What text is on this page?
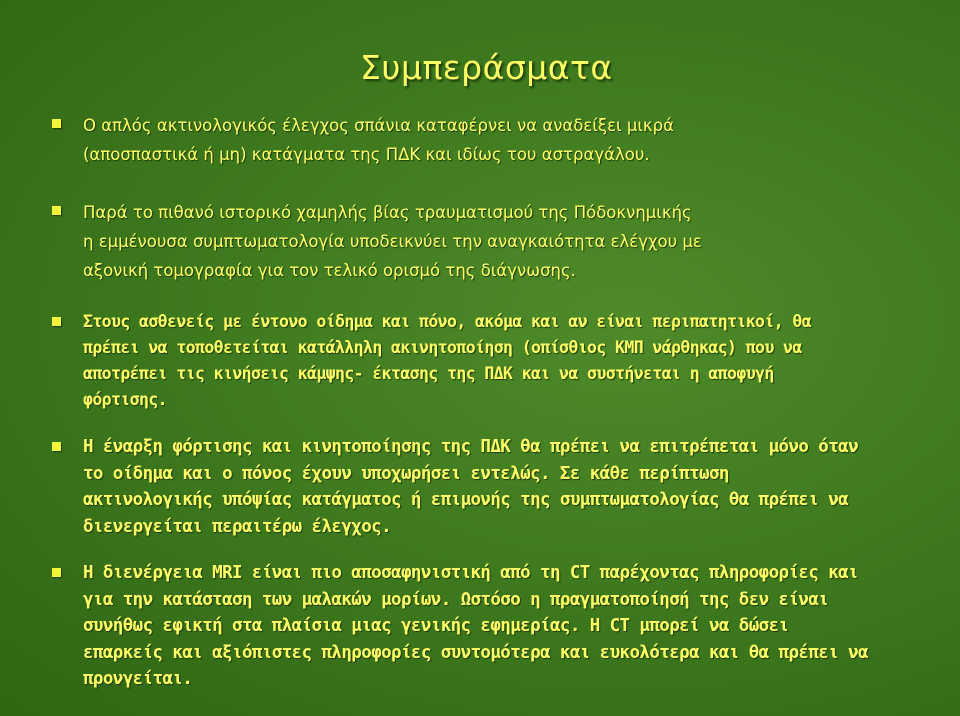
Συμπεράσματα
Ο απλός ακτινολογικός έλεγχος σπάνια καταφέρνει να αναδείξει μικρά
(αποσπαστικά ή μη) κατάγματα της ΠΔΚ και ιδίως του αστραγάλου.
Παρά το πιθανό ιστορικό χαμηλής βίας τραυματισμού της Πόδοκνημικής
η εμμένουσα συμπτωματολογία υποδεικνύει την αναγκαιότητα ελέγχου με
αξονική τομογραφία για τον τελικό ορισμό της διάγνωσης.
Στους ασθενείς με έντονο οίδημα και πόνο, ακόμα και αν είναι περιπατητικοί, θα
πρέπει να τοποθετείται κατάλληλη ακινητοποίηση (οπίσθιος ΚΜΠ νάρθηκας) που να
αποτρέπει τις κινήσεις κάμψης- έκτασης της ΠΔΚ και να συστήνεται η αποφυγή
φόρτισης.
Η έναρξη φόρτισης και κινητοποίησης της ΠΔΚ θα πρέπει να επιτρέπεται μόνο όταν
το οίδημα και ο πόνος έχουν υποχωρήσει εντελώς. Σε κάθε περίπτωση
ακτινολογικής υπόψίας κατάγματος ή επιμονής της συμπτωματολογίας θα πρέπει να
διενεργείται περαιτέρω έλεγχος.
Η διενέργεια MRI είναι πιο αποσαφηνιστική από τη CT παρέχοντας πληροφορίες και
για την κατάσταση των μαλακών μορίων. Ωστόσο η πραγματοποίησή της δεν είναι
συνήθως εφικτή στα πλαίσια μιας γενικής εφημερίας. Η CT μπορεί να δώσει
επαρκείς και αξιόπιστες πληροφορίες συντομότερα και ευκολότερα και θα πρέπει να
προνγείται.
